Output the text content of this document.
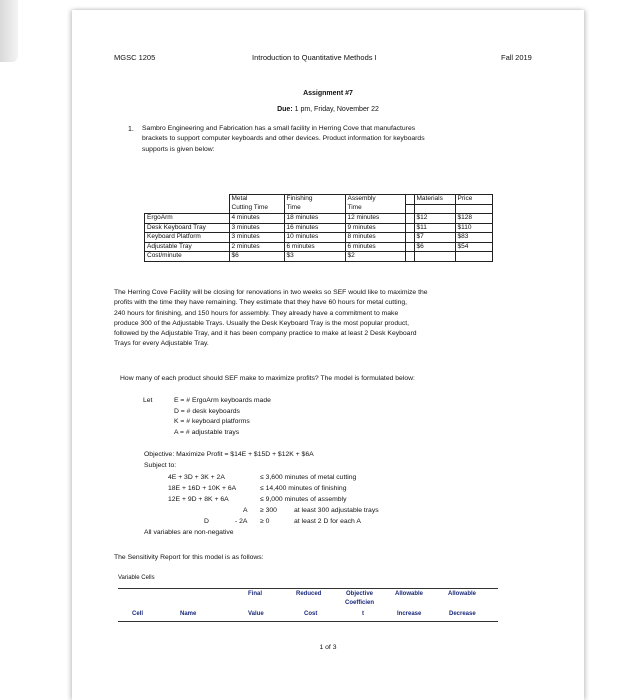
MGSC 1205	Introduction to Quantitative Methods I	Fall 2019
Assignment #7
Due: 1 pm, Friday, November 22
1. Sambro Engineering and Fabrication has a small facility in Herring Cove that manufactures
brackets to support computer keyboards and other devices. Product information for keyboards
supports is given below:
	Metal	Finishing	Assembly		Materials	Price
	Cutting Time	Time	Time			
ErgoArm	4 minutes	18 minutes	12 minutes		$12	$128
Desk Keyboard Tray	3 minutes	16 minutes	9 minutes		$11	$110
Keyboard Platform	3 minutes	10 minutes	8 minutes		$7	$83
Adjustable Tray	2 minutes	6 minutes	6 minutes		$6	$54
Cost/minute	$6	$3	$2			
The Herring Cove Facility will be closing for renovations in two weeks so SEF would like to maximize the
profits with the time they have remaining. They estimate that they have 60 hours for metal cutting,
240 hours for finishing, and 150 hours for assembly. They already have a commitment to make
produce 300 of the Adjustable Trays. Usually the Desk Keyboard Tray is the most popular product,
followed by the Adjustable Tray, and it has been company practice to make at least 2 Desk Keyboard
Trays for every Adjustable Tray.
How many of each product should SEF make to maximize profits? The model is formulated below:
Let	E = # ErgoArm keyboards made
D = # desk keyboards
K = # keyboard platforms
A = # adjustable trays
Objective: Maximize Profit = $14E + $15D + $12K + $6A
Subject to:
4E + 3D + 3K + 2A	≤ 3,600 minutes of metal cutting
18E + 16D + 10K + 6A	≤ 14,400 minutes of finishing
12E + 9D + 8K + 6A	≤ 9,000 minutes of assembly
A ≥ 300	at least 300 adjustable trays
D	- 2A ≥ 0	at least 2 D for each A
All variables are non-negative
The Sensitivity Report for this model is as follows:
Variable Cells
Final	Reduced	Objective
Coefficien
Allowable	Allowable
Cell	Name	Value	Cost	t	Increase	Decrease
1 of 3
